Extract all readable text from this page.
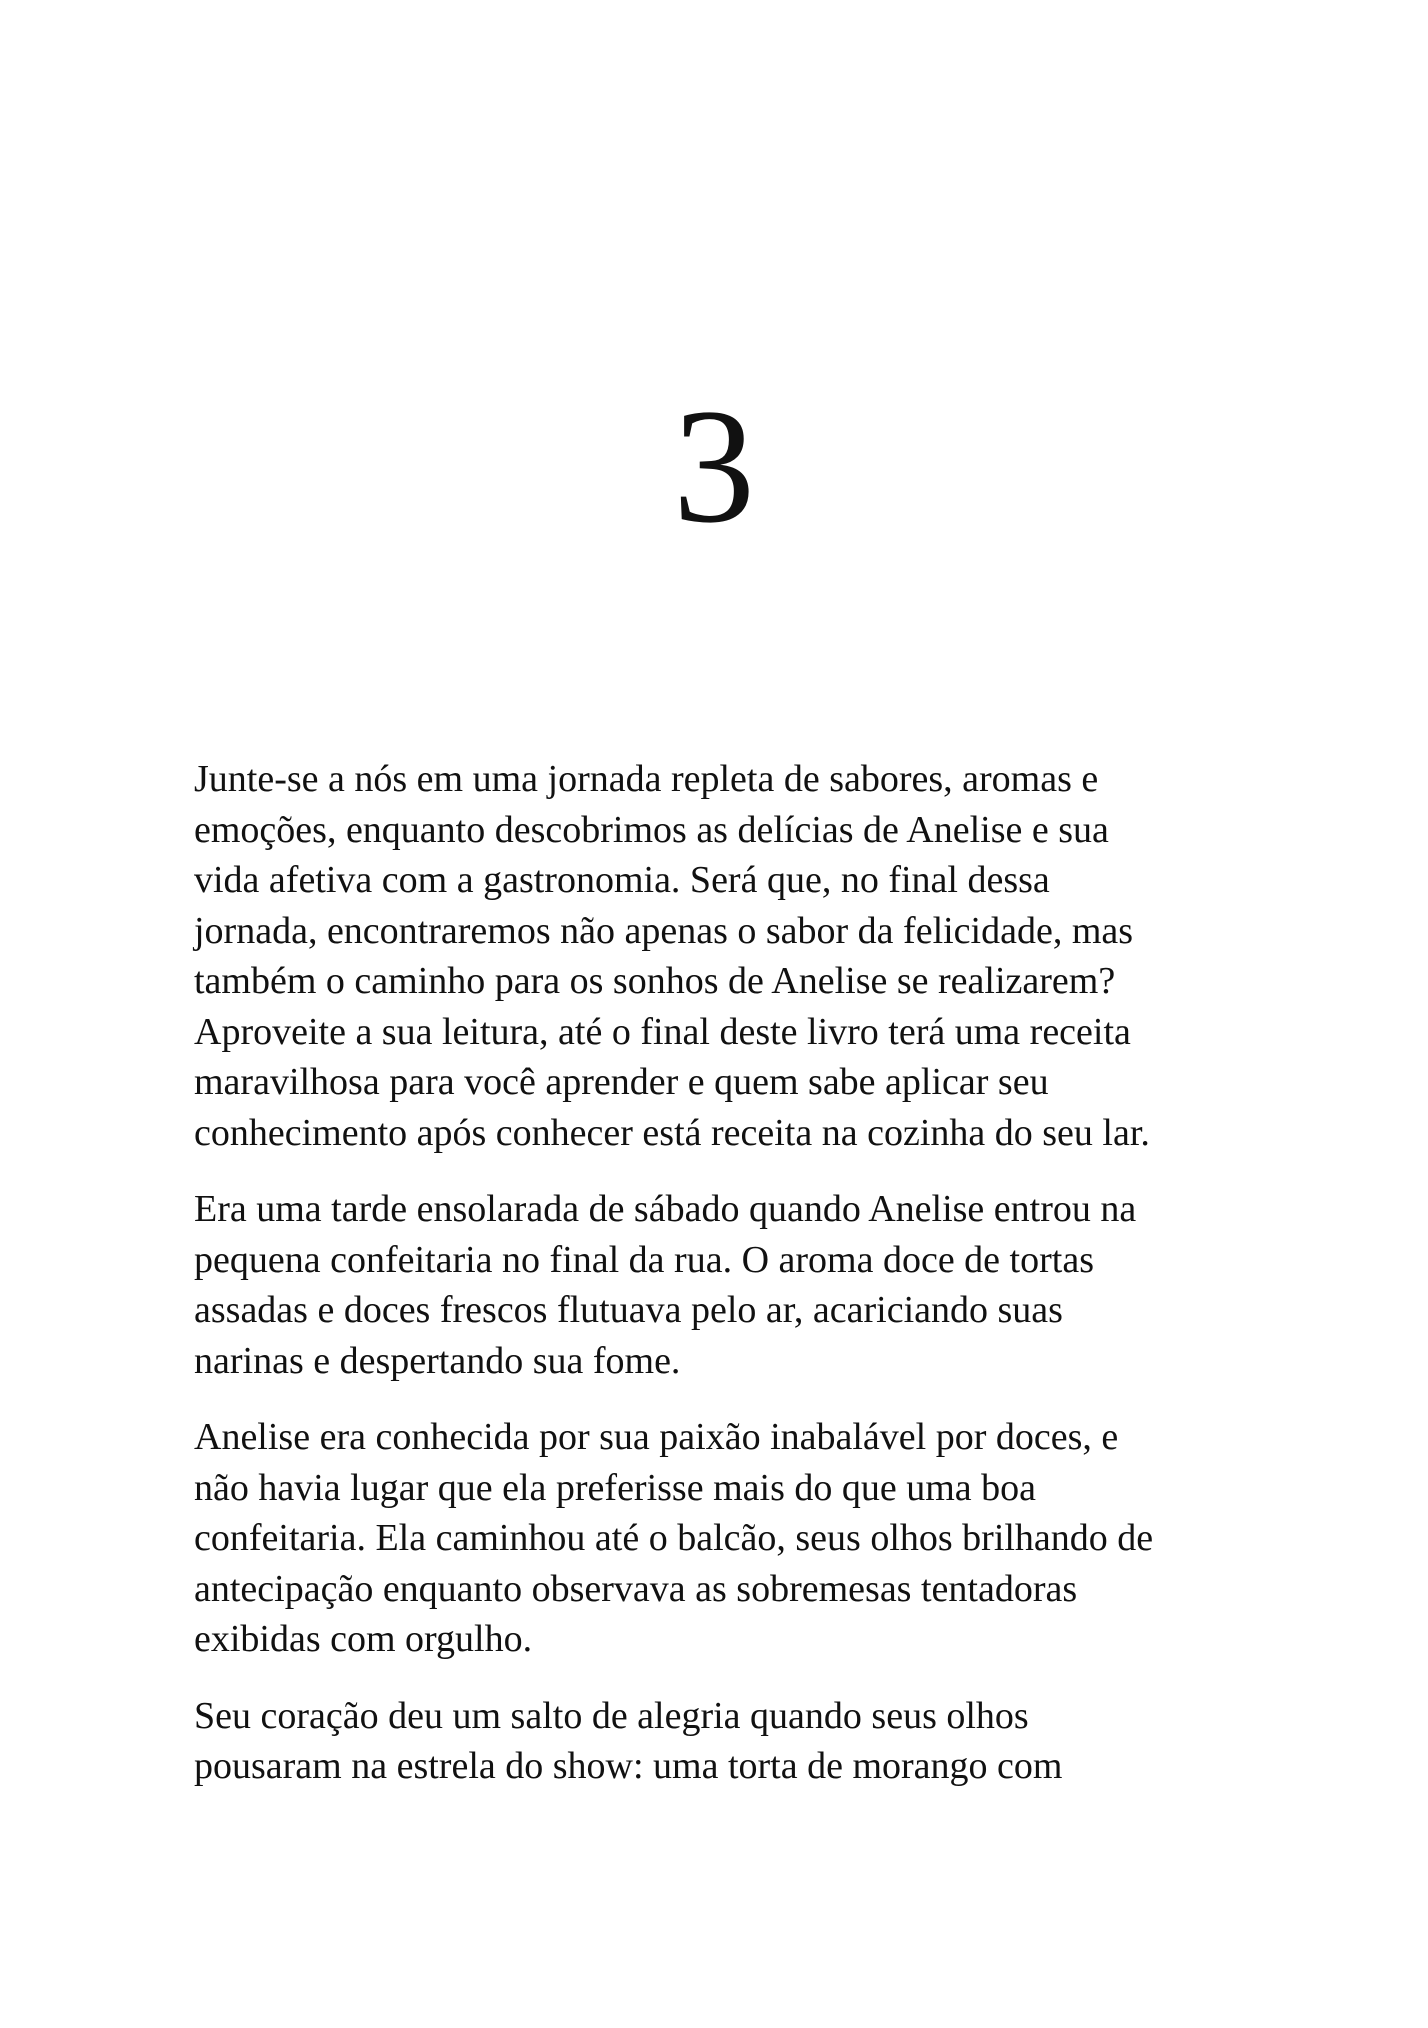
3

Junte-se a nós em uma jornada repleta de sabores, aromas e
emoções, enquanto descobrimos as delícias de Anelise e sua
vida afetiva com a gastronomia. Será que, no final dessa
jornada, encontraremos não apenas o sabor da felicidade, mas
também o caminho para os sonhos de Anelise se realizarem?
Aproveite a sua leitura, até o final deste livro terá uma receita
maravilhosa para você aprender e quem sabe aplicar seu
conhecimento após conhecer está receita na cozinha do seu lar.

Era uma tarde ensolarada de sábado quando Anelise entrou na
pequena confeitaria no final da rua. O aroma doce de tortas
assadas e doces frescos flutuava pelo ar, acariciando suas
narinas e despertando sua fome.

Anelise era conhecida por sua paixão inabalável por doces, e
não havia lugar que ela preferisse mais do que uma boa
confeitaria. Ela caminhou até o balcão, seus olhos brilhando de
antecipação enquanto observava as sobremesas tentadoras
exibidas com orgulho.

Seu coração deu um salto de alegria quando seus olhos
pousaram na estrela do show: uma torta de morango com
